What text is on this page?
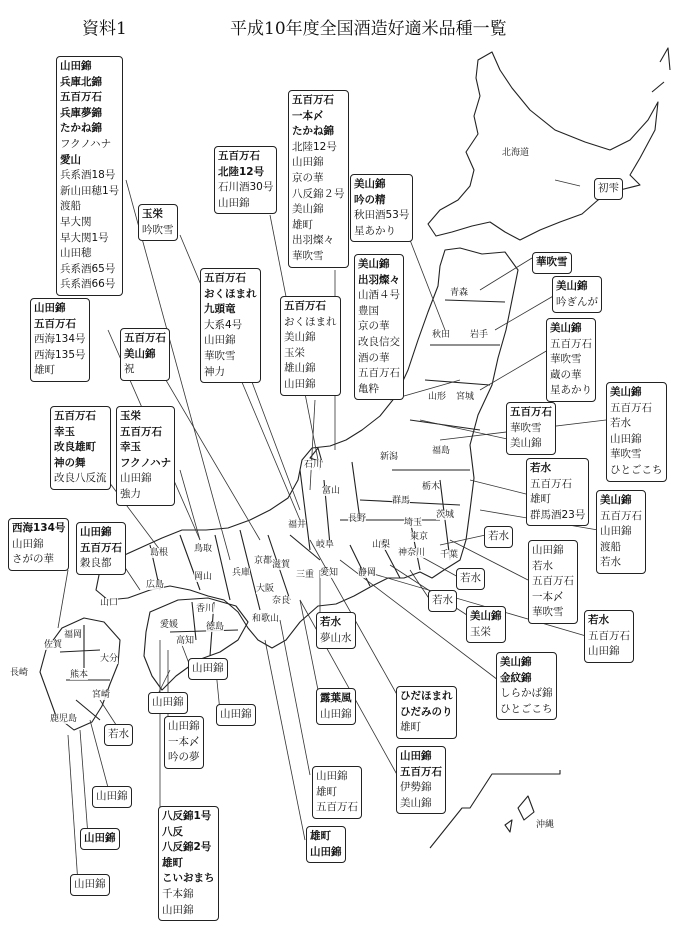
資料1	平成10年度全国酒造好適米品種一覧
北海道
青森
秋田 岩手
山形 宮城
福島
新潟
栃木
群馬
茨城
埼玉
千葉
東京
神奈川
山梨
長野
静岡
富山
石川
福井
岐阜
愛知
三重
滋賀
京都
奈良
和歌山
大阪
兵庫
鳥取
島根
岡山
広島
山口
香川
徳島
愛媛
高知
福岡
佐賀
長崎
大分
熊本
宮崎
鹿児島
沖縄
山田錦
兵庫北錦
五百万石
兵庫夢錦
たかね錦
フクノハナ
愛山
兵系酒18号
新山田穂1号
渡船
早大関
早大関1号
山田穂
兵系酒65号
兵系酒66号
山田錦
五百万石
西海134号
西海135号
雄町
西海134号
山田錦
さがの華
山田錦
五百万石
穀良都
五百万石
幸玉
改良雄町
神の舞
改良八反流
玉栄
五百万石
幸玉
フクノハナ
山田錦
強力
五百万石
美山錦
祝
玉栄
吟吹雪
五百万石
おくほまれ
九頭竜
大系4号
山田錦
華吹雪
神力
五百万石
北陸12号
石川酒30号
山田錦
五百万石
一本〆
たかね錦
北陸12号
山田錦
京の華
八反錦２号
美山錦
雄町
出羽燦々
華吹雪
五百万石
おくほまれ
美山錦
玉栄
雄山錦
山田錦
美山錦
吟の精
秋田酒53号
星あかり
美山錦
出羽燦々
山酒４号
豊国
京の華
改良信交
酒の華
五百万石
亀粋
初雫
華吹雪
美山錦
吟ぎんが
美山錦
五百万石
華吹雪
蔵の華
星あかり 美山錦
五百万石
若水
山田錦
華吹雪
ひとごこち
五百万石
華吹雪
美山錦
若水
五百万石
雄町
群馬酒23号
美山錦
五百万石
山田錦
渡船
若水
若水
山田錦
若水
五百万石
一本〆
華吹雪
若水
若水
美山錦
玉栄
若水
五百万石
山田錦
美山錦
金紋錦
しらかば錦
ひとごこち
若水
夢山水
ひだほまれ
ひだみのり
雄町
露葉風
山田錦
山田錦
雄町
五百万石
山田錦
五百万石
伊勢錦
美山錦
雄町
山田錦
八反錦1号
八反
八反錦2号
雄町
こいおまち
千本錦
山田錦
山田錦
一本〆
吟の夢
山田錦
山田錦
山田錦
若水
山田錦
山田錦
山田錦
